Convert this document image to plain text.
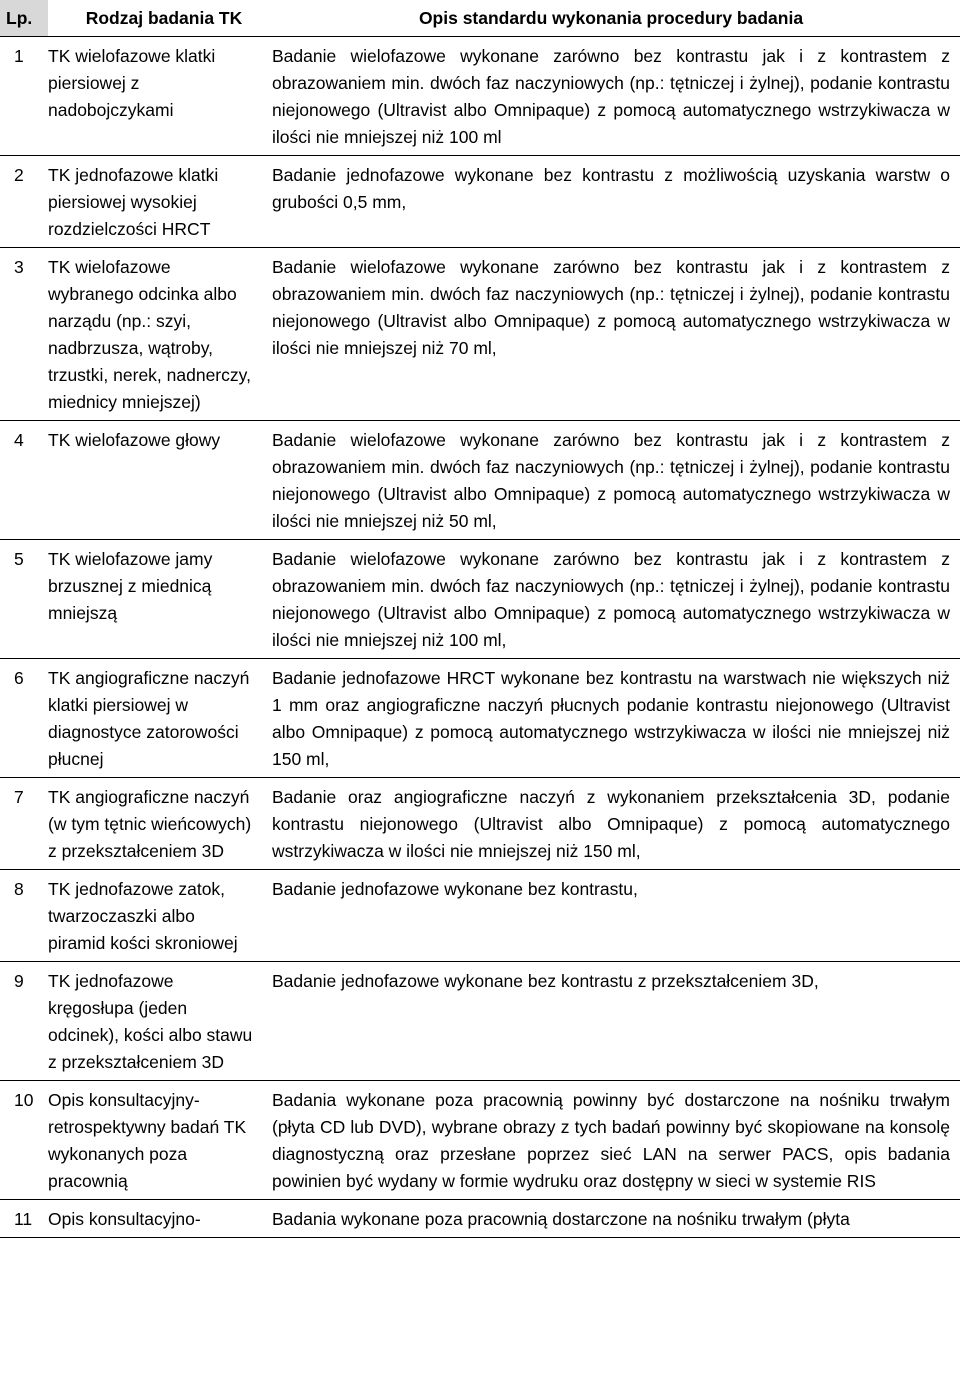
Lp.	Rodzaj badania TK	Opis standardu wykonania procedury badania
1	TK wielofazowe klatki piersiowej z nadobojczykami	Badanie wielofazowe wykonane zarówno bez kontrastu jak i z kontrastem z obrazowaniem min. dwóch faz naczyniowych (np.: tętniczej i żylnej), podanie kontrastu niejonowego (Ultravist albo Omnipaque) z pomocą automatycznego wstrzykiwacza w ilości nie mniejszej niż 100 ml
2	TK jednofazowe klatki piersiowej wysokiej rozdzielczości HRCT	Badanie jednofazowe wykonane bez kontrastu z możliwością uzyskania warstw o grubości 0,5 mm,
3	TK wielofazowe wybranego odcinka albo narządu (np.: szyi, nadbrzusza, wątroby, trzustki, nerek, nadnerczy, miednicy mniejszej)	Badanie wielofazowe wykonane zarówno bez kontrastu jak i z kontrastem z obrazowaniem min. dwóch faz naczyniowych (np.: tętniczej i żylnej), podanie kontrastu niejonowego (Ultravist albo Omnipaque) z pomocą automatycznego wstrzykiwacza w ilości nie mniejszej niż 70 ml,
4	TK wielofazowe głowy	Badanie wielofazowe wykonane zarówno bez kontrastu jak i z kontrastem z obrazowaniem min. dwóch faz naczyniowych (np.: tętniczej i żylnej), podanie kontrastu niejonowego (Ultravist albo Omnipaque) z pomocą automatycznego wstrzykiwacza w ilości nie mniejszej niż 50 ml,
5	TK wielofazowe jamy brzusznej z miednicą mniejszą	Badanie wielofazowe wykonane zarówno bez kontrastu jak i z kontrastem z obrazowaniem min. dwóch faz naczyniowych (np.: tętniczej i żylnej), podanie kontrastu niejonowego (Ultravist albo Omnipaque) z pomocą automatycznego wstrzykiwacza w ilości nie mniejszej niż 100 ml,
6	TK angiograficzne naczyń klatki piersiowej w diagnostyce zatorowości płucnej	Badanie jednofazowe HRCT wykonane bez kontrastu na warstwach nie większych niż 1 mm oraz angiograficzne naczyń płucnych podanie kontrastu niejonowego (Ultravist albo Omnipaque) z pomocą automatycznego wstrzykiwacza w ilości nie mniejszej niż 150 ml,
7	TK angiograficzne naczyń (w tym tętnic wieńcowych) z przekształceniem 3D	Badanie oraz angiograficzne naczyń z wykonaniem przekształcenia 3D, podanie kontrastu niejonowego (Ultravist albo Omnipaque) z pomocą automatycznego wstrzykiwacza w ilości nie mniejszej niż 150 ml,
8	TK jednofazowe zatok, twarzoczaszki albo piramid kości skroniowej	Badanie jednofazowe wykonane bez kontrastu,
9	TK jednofazowe kręgosłupa (jeden odcinek), kości albo stawu z przekształceniem 3D	Badanie jednofazowe wykonane bez kontrastu z przekształceniem 3D,
10	Opis konsultacyjny-retrospektywny badań TK wykonanych poza pracownią	Badania wykonane poza pracownią powinny być dostarczone na nośniku trwałym (płyta CD lub DVD), wybrane obrazy z tych badań powinny być skopiowane na konsolę diagnostyczną oraz przesłane poprzez sieć LAN na serwer PACS, opis badania powinien być wydany w formie wydruku oraz dostępny w sieci w systemie RIS
11	Opis konsultacyjno-	Badania wykonane poza pracownią dostarczone na nośniku trwałym (płyta
